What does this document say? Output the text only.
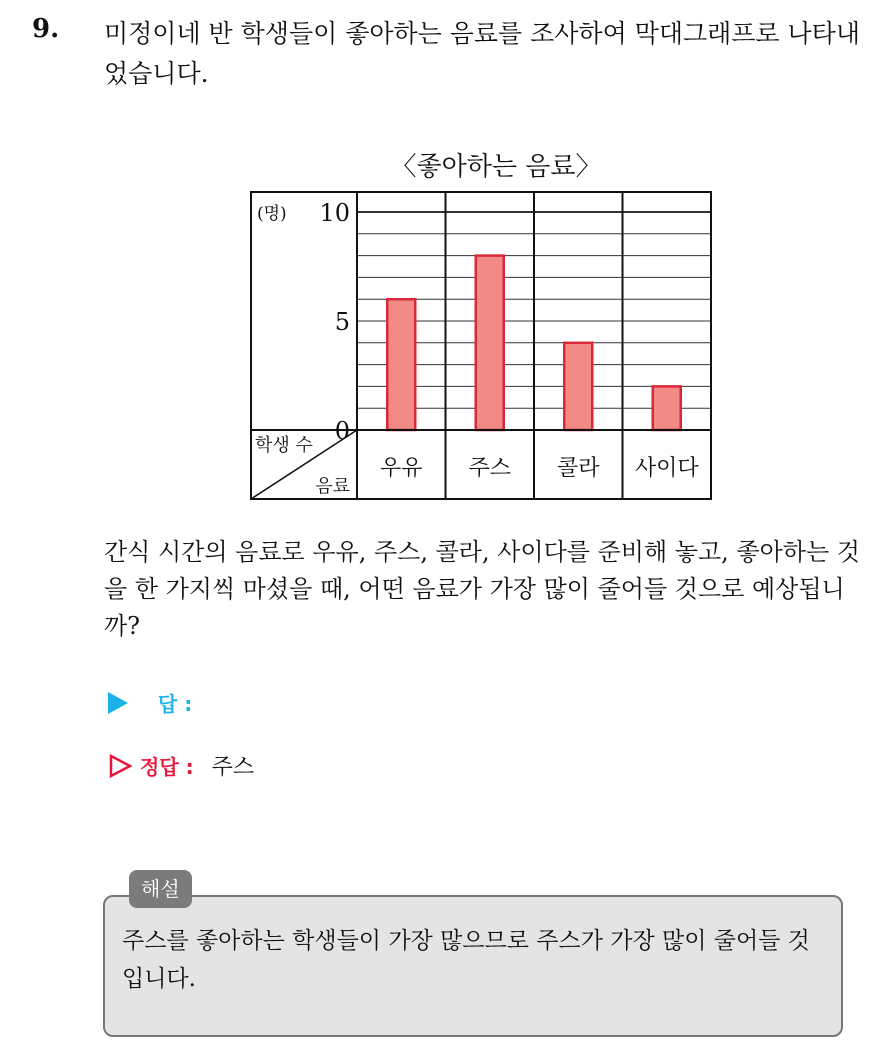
9. 미정이네 반 학생들이 좋아하는 음료를 조사하여 막대그래프로 나타내었습니다.
〈좋아하는 음료〉
(명)
0
5
10
학생 수
음료
우유 주스 콜라 사이다
간식 시간의 음료로 우유, 주스, 콜라, 사이다를 준비해 놓고, 좋아하는 것을 한 가지씩 마셨을 때, 어떤 음료가 가장 많이 줄어들 것으로 예상됩니까?
답 :
정답 : 주스
해설
주스를 좋아하는 학생들이 가장 많으므로 주스가 가장 많이 줄어들 것입니다.
